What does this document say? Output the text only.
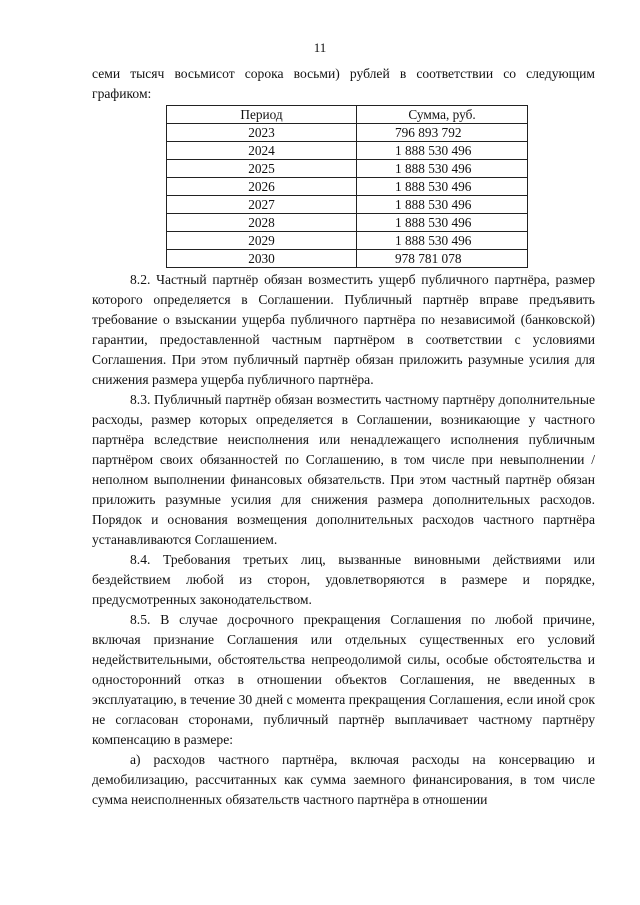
11
семи тысяч восьмисот сорока восьми) рублей в соответствии со следующим графиком:
Период	Сумма, руб.
2023	796 893 792
2024	1 888 530 496
2025	1 888 530 496
2026	1 888 530 496
2027	1 888 530 496
2028	1 888 530 496
2029	1 888 530 496
2030	978 781 078

8.2. Частный партнёр обязан возместить ущерб публичного партнёра, размер которого определяется в Соглашении. Публичный партнёр вправе предъявить требование о взыскании ущерба публичного партнёра по независимой (банковской) гарантии, предоставленной частным партнёром в соответствии с условиями Соглашения. При этом публичный партнёр обязан приложить разумные усилия для снижения размера ущерба публичного партнёра.

8.3. Публичный партнёр обязан возместить частному партнёру дополнительные расходы, размер которых определяется в Соглашении, возникающие у частного партнёра вследствие неисполнения или ненадлежащего исполнения публичным партнёром своих обязанностей по Соглашению, в том числе при невыполнении / неполном выполнении финансовых обязательств. При этом частный партнёр обязан приложить разумные усилия для снижения размера дополнительных расходов. Порядок и основания возмещения дополнительных расходов частного партнёра устанавливаются Соглашением.

8.4. Требования третьих лиц, вызванные виновными действиями или бездействием любой из сторон, удовлетворяются в размере и порядке, предусмотренных законодательством.

8.5. В случае досрочного прекращения Соглашения по любой причине, включая признание Соглашения или отдельных существенных его условий недействительными, обстоятельства непреодолимой силы, особые обстоятельства и односторонний отказ в отношении объектов Соглашения, не введенных в эксплуатацию, в течение 30 дней с момента прекращения Соглашения, если иной срок не согласован сторонами, публичный партнёр выплачивает частному партнёру компенсацию в размере:

а) расходов частного партнёра, включая расходы на консервацию и демобилизацию, рассчитанных как сумма заемного финансирования, в том числе сумма неисполненных обязательств частного партнёра в отношении
